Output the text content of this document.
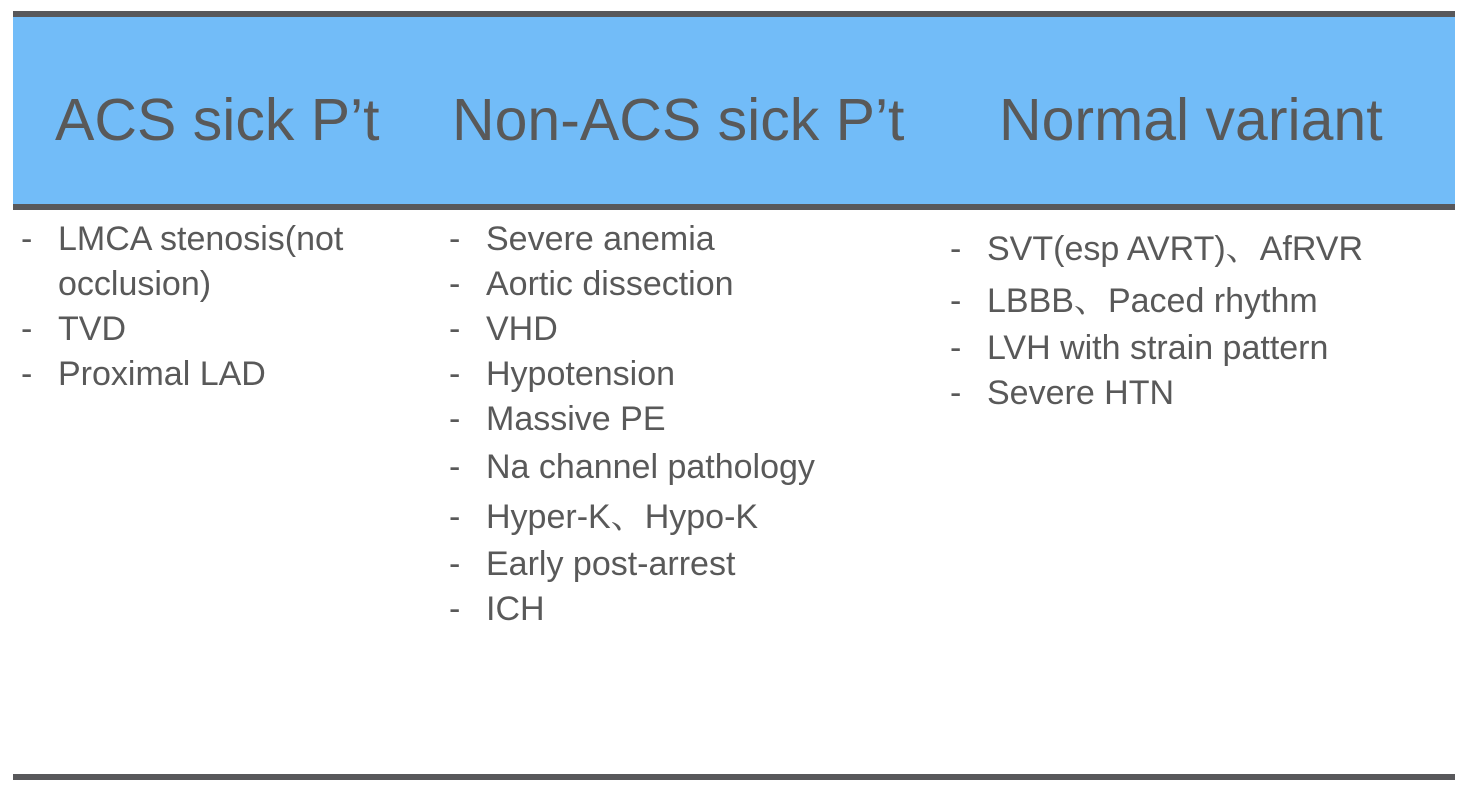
ACS sick P’t Non-ACS sick P’t Normal variant
- LMCA stenosis(not occlusion)
- TVD
- Proximal LAD
- Severe anemia
- Aortic dissection
- VHD
- Hypotension
- Massive PE
- Na channel pathology
- Hyper-K、Hypo-K
- Early post-arrest
- ICH
- SVT(esp AVRT)、AfRVR
- LBBB、Paced rhythm
- LVH with strain pattern
- Severe HTN
